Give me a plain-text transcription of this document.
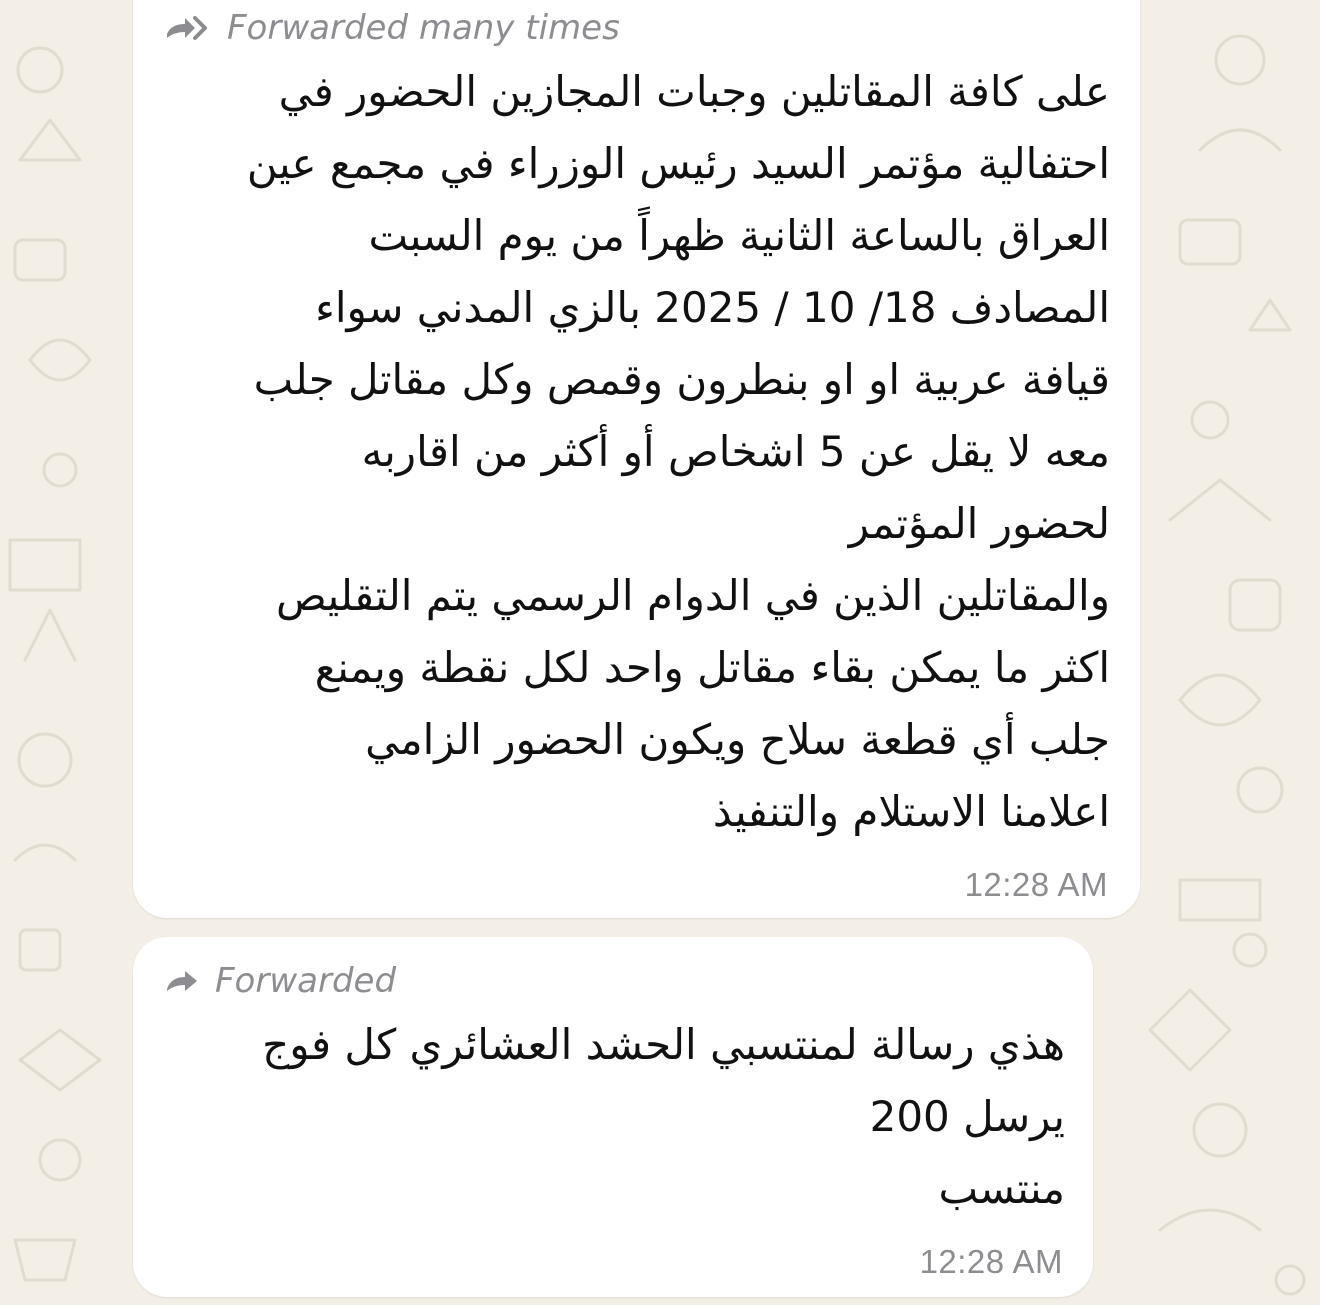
Forwarded many times
على كافة المقاتلين وجبات المجازين الحضور في
احتفالية مؤتمر السيد رئيس الوزراء في مجمع عين
العراق بالساعة الثانية ظهراً من يوم السبت
المصادف 18/ 10 / 2025 بالزي المدني سواء
قيافة عربية او او بنطرون وقمص وكل مقاتل جلب
معه لا يقل عن 5 اشخاص أو أكثر من اقاربه
لحضور المؤتمر
والمقاتلين الذين في الدوام الرسمي يتم التقليص
اكثر ما يمكن بقاء مقاتل واحد لكل نقطة ويمنع
جلب أي قطعة سلاح ويكون الحضور الزامي
اعلامنا الاستلام والتنفيذ
12:28 AM
Forwarded
هذي رسالة لمنتسبي الحشد العشائري كل فوج
يرسل 200
منتسب
12:28 AM
